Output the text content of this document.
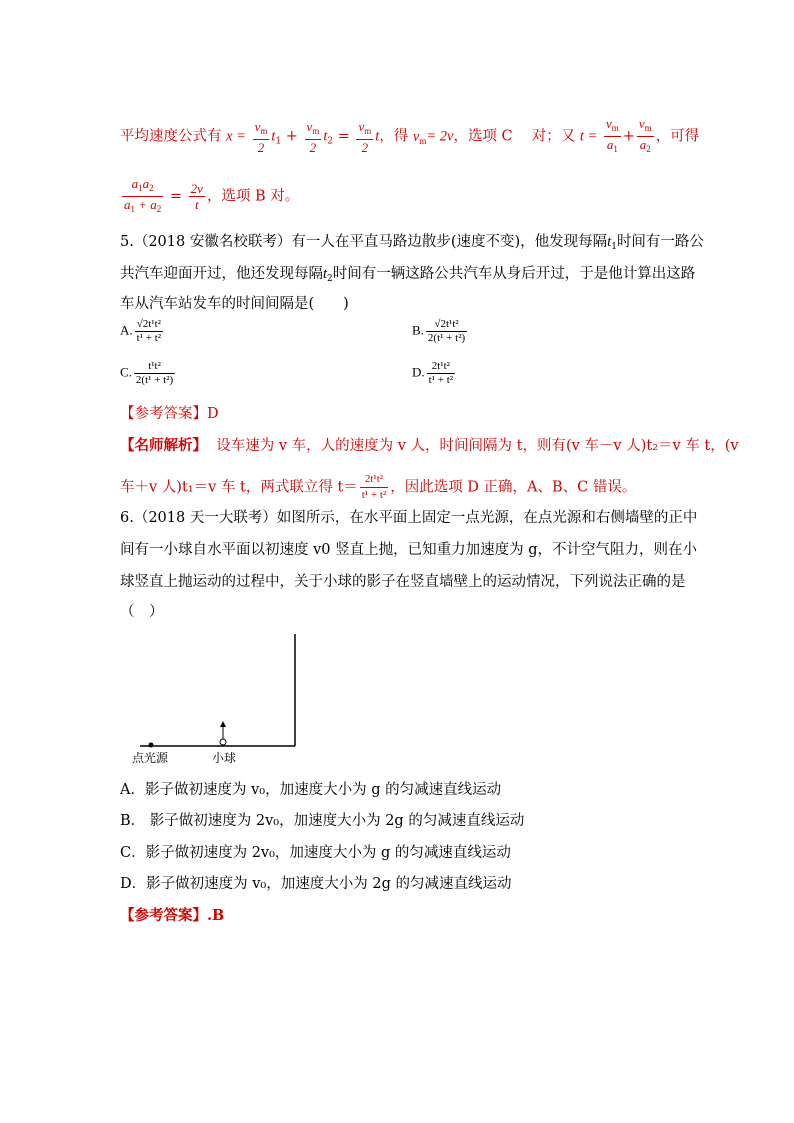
平均速度公式有 $x = \frac{v_m}{2} t_1 + \frac{v_m}{2} t_2 = \frac{v_m}{2}$ t，得 $v_m= 2v$，选项 C　 对；又 $t = \frac{v_m}{a_1} + \frac{v_m}{a_2}$ ，可得
$\frac{a_1a_2}{a_1 + a_2} = \frac{2v}{t}$ ，选项 B 对。
5.（2018 安徽名校联考）有一人在平直马路边散步(速度不变)，他发现每隔$t_1$时间有一路公
共汽车迎面开过，他还发现每隔$t_2$时间有一辆这路公共汽车从身后开过，于是他计算出这路
车从汽车站发车的时间间隔是(　　)
A. $\frac{\text{√2t¹t²}}{\text{t¹ + t²}}$	B. $\frac{\text{√2t¹t²}}{\text{2(t¹ + t²)}}$
C. $\frac{\text{t¹t²}}{\text{2(t¹ + t²)}}$	D. $\frac{\text{2t¹t²}}{\text{t¹ + t²}}$
【参考答案】D
【名师解析】 设车速为 v 车，人的速度为 v 人，时间间隔为 t，则有(v 车－v 人)t₂＝v 车 t，(v
车＋v 人)t₁＝v 车 t，两式联立得 $t= \frac{\text{2t¹t²}}{\text{t¹ + t²}}$ ，因此选项 D 正确，A、B、C 错误。
6.（2018 天一大联考）如图所示，在水平面上固定一点光源，在点光源和右侧墙壁的正中
间有一小球自水平面以初速度 v0 竖直上抛，已知重力加速度为 g，不计空气阻力，则在小
球竖直上抛运动的过程中，关于小球的影子在竖直墙壁上的运动情况，下列说法正确的是
（　）
点光源	小球
A．影子做初速度为 v₀，加速度大小为 g 的匀减速直线运动
B． 影子做初速度为 2v₀，加速度大小为 2g 的匀减速直线运动
C．影子做初速度为 2v₀，加速度大小为 g 的匀减速直线运动
D．影子做初速度为 v₀，加速度大小为 2g 的匀减速直线运动
【参考答案】.B
